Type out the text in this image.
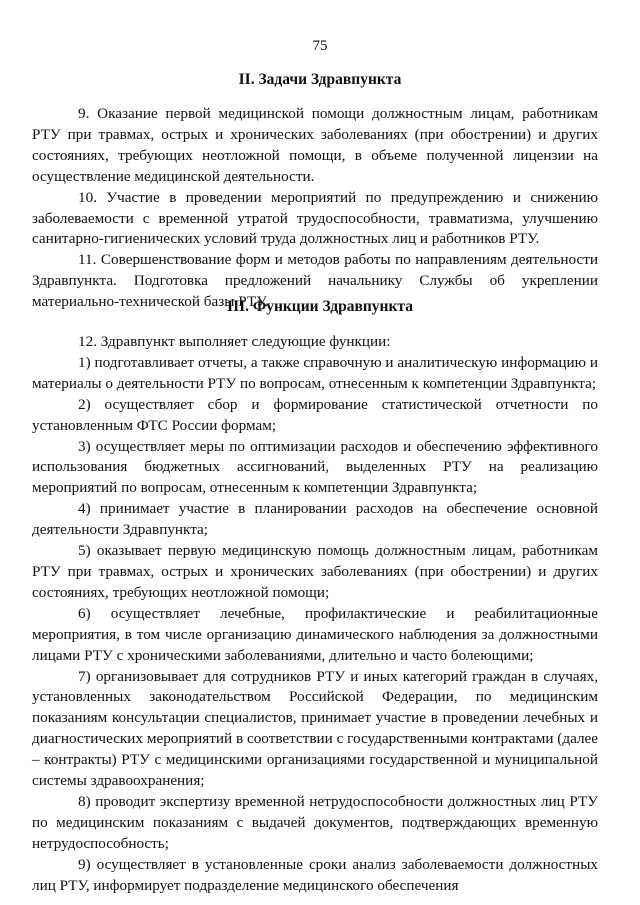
75
II. Задачи Здравпункта

9. Оказание первой медицинской помощи должностным лицам, работникам РТУ при травмах, острых и хронических заболеваниях (при обострении) и других состояниях, требующих неотложной помощи, в объеме полученной лицензии на осуществление медицинской деятельности.

10. Участие в проведении мероприятий по предупреждению и снижению заболеваемости с временной утратой трудоспособности, травматизма, улучшению санитарно-гигиенических условий труда должностных лиц и работников РТУ.

11. Совершенствование форм и методов работы по направлениям деятельности Здравпункта. Подготовка предложений начальнику Службы об укреплении материально-технической базы РТУ.

III. Функции Здравпункта

12. Здравпункт выполняет следующие функции:

1) подготавливает отчеты, а также справочную и аналитическую информацию и материалы о деятельности РТУ по вопросам, отнесенным к компетенции Здравпункта;

2) осуществляет сбор и формирование статистической отчетности по установленным ФТС России формам;

3) осуществляет меры по оптимизации расходов и обеспечению эффективного использования бюджетных ассигнований, выделенных РТУ на реализацию мероприятий по вопросам, отнесенным к компетенции Здравпункта;

4) принимает участие в планировании расходов на обеспечение основной деятельности Здравпункта;

5) оказывает первую медицинскую помощь должностным лицам, работникам РТУ при травмах, острых и хронических заболеваниях (при обострении) и других состояниях, требующих неотложной помощи;

6) осуществляет лечебные, профилактические и реабилитационные мероприятия, в том числе организацию динамического наблюдения за должностными лицами РТУ с хроническими заболеваниями, длительно и часто болеющими;

7) организовывает для сотрудников РТУ и иных категорий граждан в случаях, установленных законодательством Российской Федерации, по медицинским показаниям консультации специалистов, принимает участие в проведении лечебных и диагностических мероприятий в соответствии с государственными контрактами (далее – контракты) РТУ с медицинскими организациями государственной и муниципальной системы здравоохранения;

8) проводит экспертизу временной нетрудоспособности должностных лиц РТУ по медицинским показаниям с выдачей документов, подтверждающих временную нетрудоспособность;

9) осуществляет в установленные сроки анализ заболеваемости должностных лиц РТУ, информирует подразделение медицинского обеспечения
